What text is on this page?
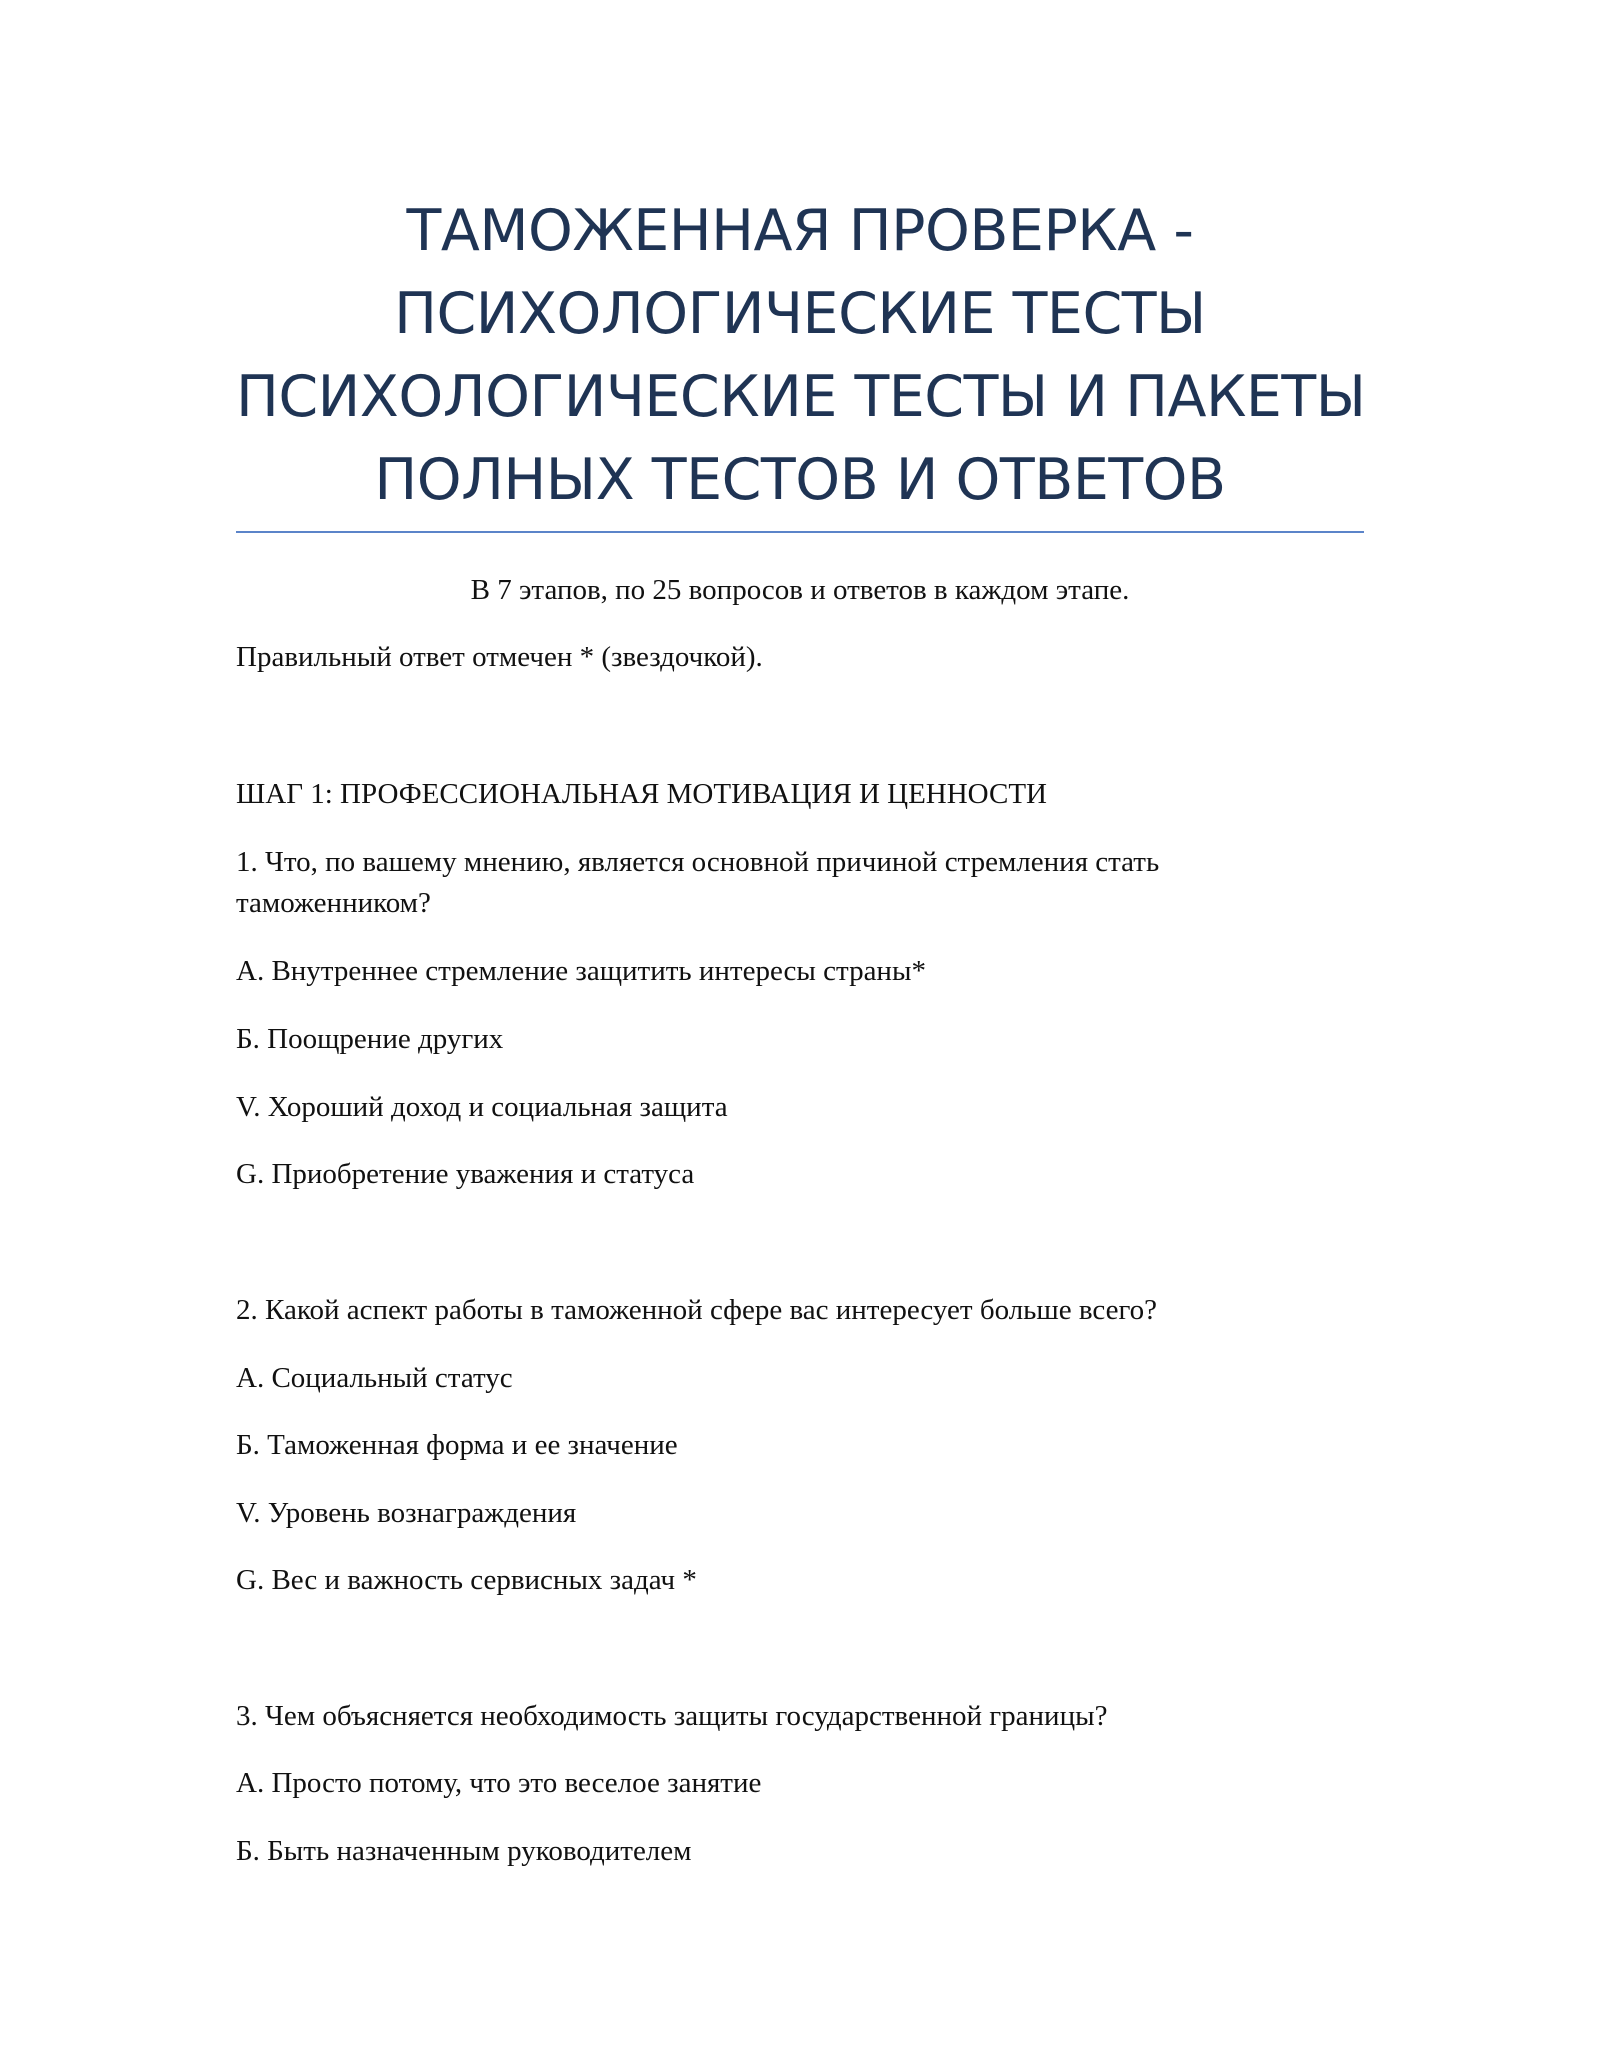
ТАМОЖЕННАЯ ПРОВЕРКА -
ПСИХОЛОГИЧЕСКИЕ ТЕСТЫ
ПСИХОЛОГИЧЕСКИЕ ТЕСТЫ И ПАКЕТЫ
ПОЛНЫХ ТЕСТОВ И ОТВЕТОВ
В 7 этапов, по 25 вопросов и ответов в каждом этапе.
Правильный ответ отмечен * (звездочкой).
ШАГ 1: ПРОФЕССИОНАЛЬНАЯ МОТИВАЦИЯ И ЦЕННОСТИ
1. Что, по вашему мнению, является основной причиной стремления стать
таможенником?
A. Внутреннее стремление защитить интересы страны*
Б. Поощрение других
V. Хороший доход и социальная защита
G. Приобретение уважения и статуса
2. Какой аспект работы в таможенной сфере вас интересует больше всего?
A. Социальный статус
Б. Таможенная форма и ее значение
V. Уровень вознаграждения
G. Вес и важность сервисных задач *
3. Чем объясняется необходимость защиты государственной границы?
A. Просто потому, что это веселое занятие
Б. Быть назначенным руководителем
